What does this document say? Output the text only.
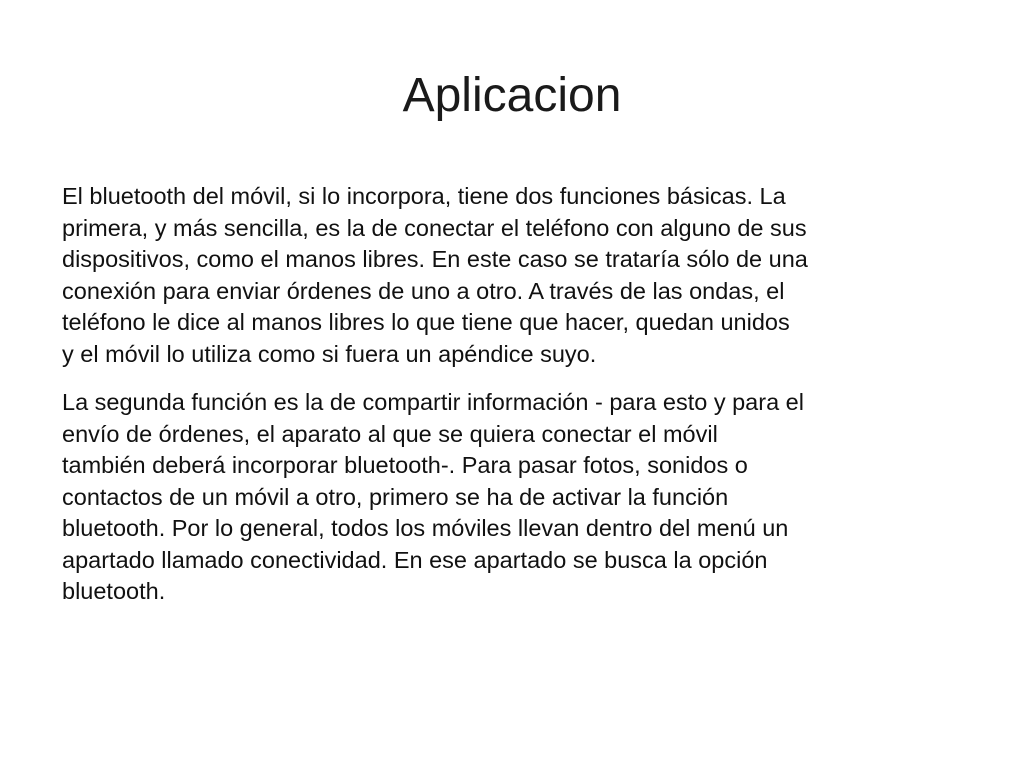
Aplicacion

El bluetooth del móvil, si lo incorpora, tiene dos funciones básicas. La
primera, y más sencilla, es la de conectar el teléfono con alguno de sus
dispositivos, como el manos libres. En este caso se trataría sólo de una
conexión para enviar órdenes de uno a otro. A través de las ondas, el
teléfono le dice al manos libres lo que tiene que hacer, quedan unidos
y el móvil lo utiliza como si fuera un apéndice suyo.

La segunda función es la de compartir información - para esto y para el
envío de órdenes, el aparato al que se quiera conectar el móvil
también deberá incorporar bluetooth-. Para pasar fotos, sonidos o
contactos de un móvil a otro, primero se ha de activar la función
bluetooth. Por lo general, todos los móviles llevan dentro del menú un
apartado llamado conectividad. En ese apartado se busca la opción
bluetooth.
